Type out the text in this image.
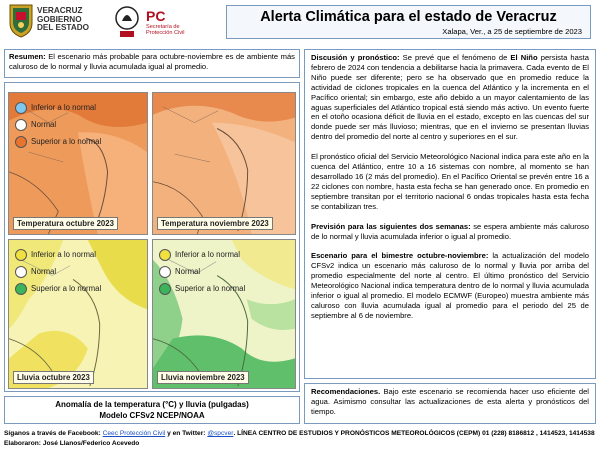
VERACRUZ
GOBIERNO
DEL ESTADO
PC
Secretaría de
Protección Civil
Alerta Climática para el estado de Veracruz
Xalapa, Ver., a 25 de septiembre de 2023
Resumen: El escenario más probable para octubre-noviembre es de ambiente más caluroso de lo normal y lluvia acumulada igual al promedio.
Inferior a lo normal
Normal
Superior a lo normal
Temperatura octubre 2023	Temperatura noviembre 2023
Inferior a lo normal
Normal
Superior a lo normal
Lluvia octubre 2023
Inferior a lo normal
Normal
Superior a lo normal
Lluvia noviembre 2023
Anomalía de la temperatura (°C) y lluvia (pulgadas)
Modelo CFSv2 NCEP/NOAA

Discusión y pronóstico: Se prevé que el fenómeno de El Niño persista hasta febrero de 2024 con tendencia a debilitarse hacia la primavera. Cada evento de El Niño puede ser diferente; pero se ha observado que en promedio reduce la actividad de ciclones tropicales en la cuenca del Atlántico y la incrementa en el Pacífico oriental; sin embargo, este año debido a un mayor calentamiento de las aguas superficiales del Atlántico tropical está siendo más activo. Un evento fuerte en el otoño ocasiona déficit de lluvia en el estado, excepto en las cuencas del sur donde puede ser más lluvioso; mientras, que en el invierno se presentan lluvias dentro del promedio del norte al centro y superiores en el sur.

El pronóstico oficial del Servicio Meteorológico Nacional indica para este año en la cuenca del Atlántico, entre 10 a 16 sistemas con nombre, al momento se han desarrollado 16 (2 más del promedio). En el Pacífico Oriental se prevén entre 16 a 22 ciclones con nombre, hasta esta fecha se han generado once. En promedio en septiembre transitan por el territorio nacional 6 ondas tropicales hasta esta fecha se contabilizan tres.

Previsión para las siguientes dos semanas: se espera ambiente más caluroso de lo normal y lluvia acumulada inferior o igual al promedio.

Escenario para el bimestre octubre-noviembre: la actualización del modelo CFSv2 indica un escenario más caluroso de lo normal y lluvia por arriba del promedio especialmente del norte al centro. El último pronóstico del Servicio Meteorológico Nacional indica temperatura dentro de lo normal y lluvia acumulada inferior o igual al promedio. El modelo ECMWF (Europeo) muestra ambiente más caluroso con lluvia acumulada igual al promedio para el periodo del 25 de septiembre al 6 de noviembre.

Recomendaciones. Bajo este escenario se recomienda hacer uso eficiente del agua. Asimismo consultar las actualizaciones de esta alerta y pronósticos del tiempo.
Síganos a través de Facebook: Ceec Protección Civil y en Twitter: @spcver. LÍNEA CENTRO DE ESTUDIOS Y PRONÓSTICOS METEOROLÓGICOS (CEPM) 01 (228) 8186812 , 1414523, 1414538
Elaboraron: José Llanos/Federico Acevedo
